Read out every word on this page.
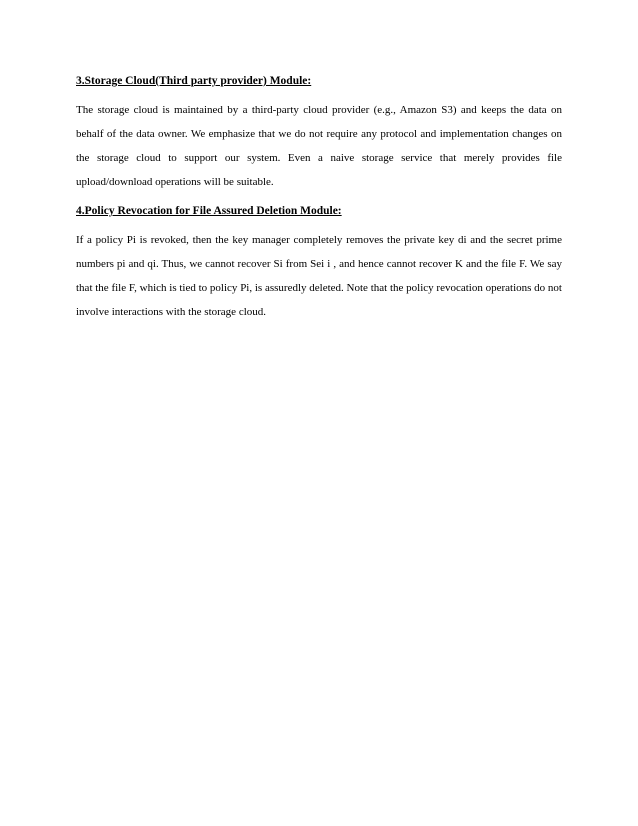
3.Storage Cloud(Third party provider) Module:

The storage cloud is maintained by a third-party cloud provider (e.g., Amazon S3) and keeps the data on behalf of the data owner. We emphasize that we do not require any protocol and implementation changes on the storage cloud to support our system. Even a naive storage service that merely provides file upload/download operations will be suitable.

4.Policy Revocation for File Assured Deletion Module:

If a policy Pi is revoked, then the key manager completely removes the private key di and the secret prime numbers pi and qi. Thus, we cannot recover Si from Sei i , and hence cannot recover K and the file F. We say that the file F, which is tied to policy Pi, is assuredly deleted. Note that the policy revocation operations do not involve interactions with the storage cloud.
